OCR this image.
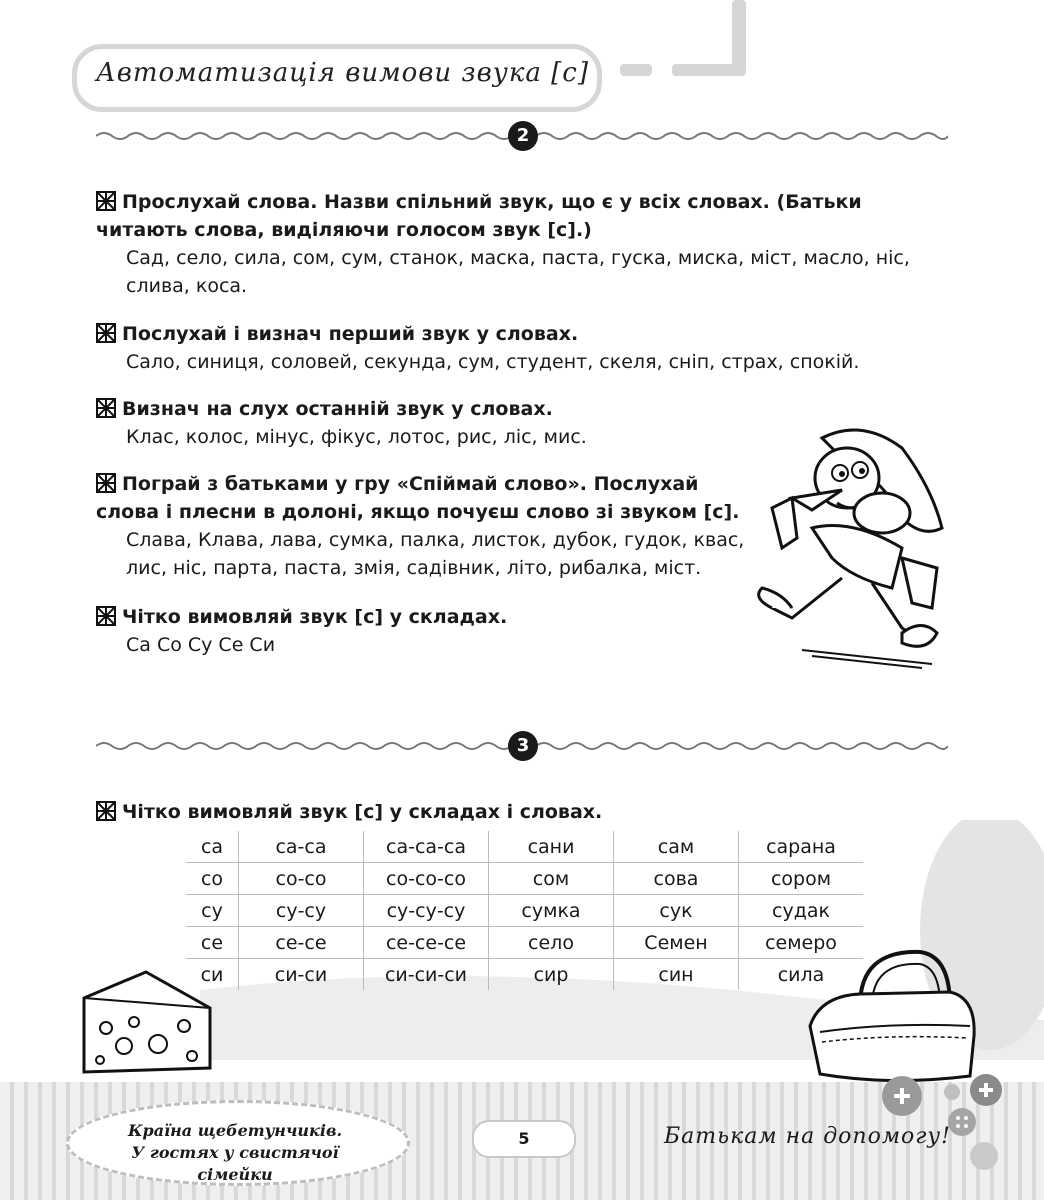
Автоматизація вимови звука [с]
2
Прослухай слова. Назви спільний звук, що є у всіх словах. (Батьки читають слова, виділяючи голосом звук [с].)
Сад, село, сила, сом, сум, станок, маска, паста, гуска, миска, міст, масло, ніс, слива, коса.
Послухай і визнач перший звук у словах.
Сало, синиця, соловей, секунда, сум, студент, скеля, сніп, страх, спокій.
Визнач на слух останній звук у словах.
Клас, колос, мінус, фікус, лотос, рис, ліс, мис.
Пограй з батьками у гру «Спіймай слово». Послухай слова і плесни в долоні, якщо почуєш слово зі звуком [с].
Слава, Клава, лава, сумка, палка, листок, дубок, гудок, квас, лис, ніс, парта, паста, змія, садівник, літо, рибалка, міст.
Чітко вимовляй звук [с] у складах.
Са Со Су Се Си
3
Чітко вимовляй звук [с] у складах і словах.
са	са-са	са-са-са	сани	сам	сарана
со	со-со	со-со-со	сом	сова	сором
су	су-су	су-су-су	сумка	сук	судак
се	се-се	се-се-се	село	Семен	семеро
си	си-си	си-си-си	сир	син	сила
Країна щебетунчиків.
У гостях у свистячої сімейки
5	Батькам на допомогу!
